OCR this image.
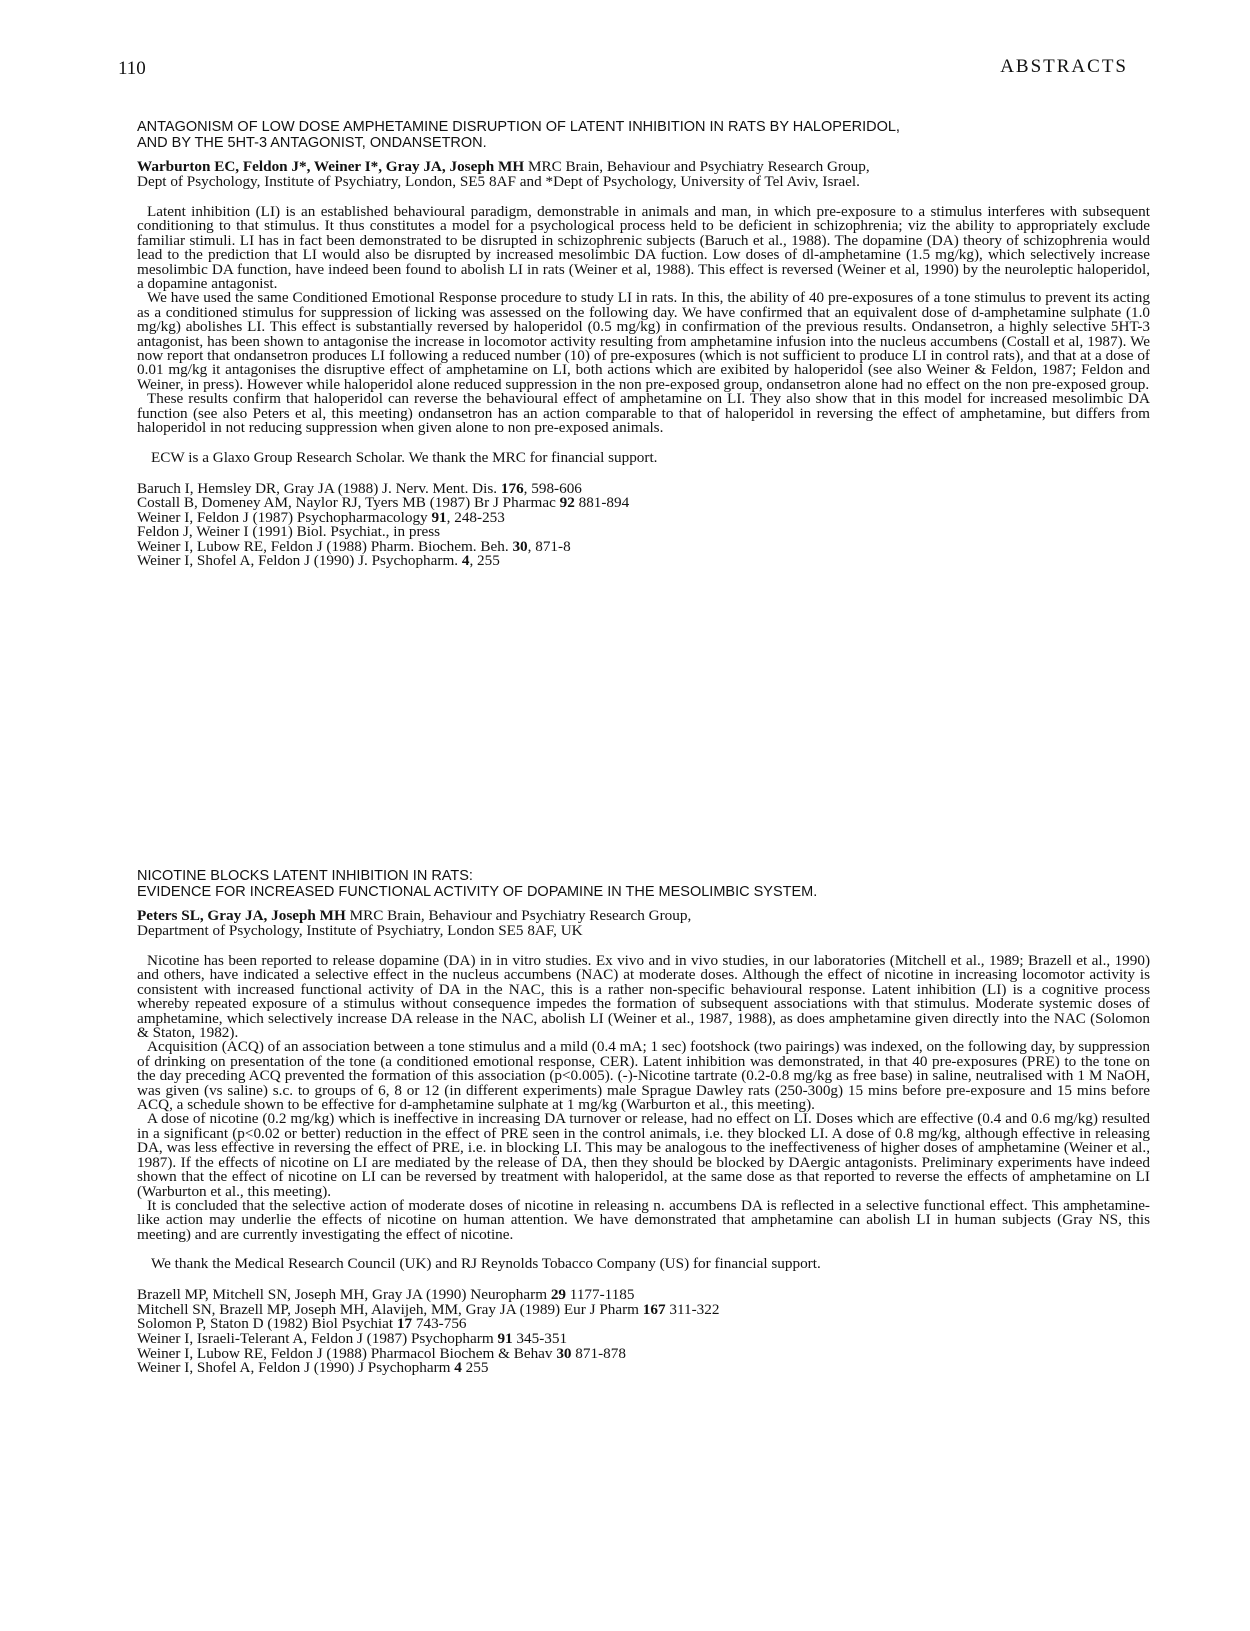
110	ABSTRACTS
ANTAGONISM OF LOW DOSE AMPHETAMINE DISRUPTION OF LATENT INHIBITION IN RATS BY HALOPERIDOL,
AND BY THE 5HT-3 ANTAGONIST, ONDANSETRON.
Warburton EC, Feldon J*, Weiner I*, Gray JA, Joseph MH MRC Brain, Behaviour and Psychiatry Research Group,
Dept of Psychology, Institute of Psychiatry, London, SE5 8AF and *Dept of Psychology, University of Tel Aviv, Israel.

Latent inhibition (LI) is an established behavioural paradigm, demonstrable in animals and man, in which pre-exposure to a stimulus interferes with subsequent conditioning to that stimulus. It thus constitutes a model for a psychological process held to be deficient in schizophrenia; viz the ability to appropriately exclude familiar stimuli. LI has in fact been demonstrated to be disrupted in schizophrenic subjects (Baruch et al., 1988). The dopamine (DA) theory of schizophrenia would lead to the prediction that LI would also be disrupted by increased mesolimbic DA fuction. Low doses of dl-amphetamine (1.5 mg/kg), which selectively increase mesolimbic DA function, have indeed been found to abolish LI in rats (Weiner et al, 1988). This effect is reversed (Weiner et al, 1990) by the neuroleptic haloperidol, a dopamine antagonist.

We have used the same Conditioned Emotional Response procedure to study LI in rats. In this, the ability of 40 pre-exposures of a tone stimulus to prevent its acting as a conditioned stimulus for suppression of licking was assessed on the following day. We have confirmed that an equivalent dose of d-amphetamine sulphate (1.0 mg/kg) abolishes LI. This effect is substantially reversed by haloperidol (0.5 mg/kg) in confirmation of the previous results. Ondansetron, a highly selective 5HT-3 antagonist, has been shown to antagonise the increase in locomotor activity resulting from amphetamine infusion into the nucleus accumbens (Costall et al, 1987). We now report that ondansetron produces LI following a reduced number (10) of pre-exposures (which is not sufficient to produce LI in control rats), and that at a dose of 0.01 mg/kg it antagonises the disruptive effect of amphetamine on LI, both actions which are exibited by haloperidol (see also Weiner & Feldon, 1987; Feldon and Weiner, in press). However while haloperidol alone reduced suppression in the non pre-exposed group, ondansetron alone had no effect on the non pre-exposed group.

These results confirm that haloperidol can reverse the behavioural effect of amphetamine on LI. They also show that in this model for increased mesolimbic DA function (see also Peters et al, this meeting) ondansetron has an action comparable to that of haloperidol in reversing the effect of amphetamine, but differs from haloperidol in not reducing suppression when given alone to non pre-exposed animals.

ECW is a Glaxo Group Research Scholar. We thank the MRC for financial support.
Baruch I, Hemsley DR, Gray JA (1988) J. Nerv. Ment. Dis. 176, 598-606
Costall B, Domeney AM, Naylor RJ, Tyers MB (1987) Br J Pharmac 92 881-894
Weiner I, Feldon J (1987) Psychopharmacology 91, 248-253
Feldon J, Weiner I (1991) Biol. Psychiat., in press
Weiner I, Lubow RE, Feldon J (1988) Pharm. Biochem. Beh. 30, 871-8
Weiner I, Shofel A, Feldon J (1990) J. Psychopharm. 4, 255
NICOTINE BLOCKS LATENT INHIBITION IN RATS:
EVIDENCE FOR INCREASED FUNCTIONAL ACTIVITY OF DOPAMINE IN THE MESOLIMBIC SYSTEM.
Peters SL, Gray JA, Joseph MH MRC Brain, Behaviour and Psychiatry Research Group,
Department of Psychology, Institute of Psychiatry, London SE5 8AF, UK

Nicotine has been reported to release dopamine (DA) in in vitro studies. Ex vivo and in vivo studies, in our laboratories (Mitchell et al., 1989; Brazell et al., 1990) and others, have indicated a selective effect in the nucleus accumbens (NAC) at moderate doses. Although the effect of nicotine in increasing locomotor activity is consistent with increased functional activity of DA in the NAC, this is a rather non-specific behavioural response. Latent inhibition (LI) is a cognitive process whereby repeated exposure of a stimulus without consequence impedes the formation of subsequent associations with that stimulus. Moderate systemic doses of amphetamine, which selectively increase DA release in the NAC, abolish LI (Weiner et al., 1987, 1988), as does amphetamine given directly into the NAC (Solomon & Staton, 1982).

Acquisition (ACQ) of an association between a tone stimulus and a mild (0.4 mA; 1 sec) footshock (two pairings) was indexed, on the following day, by suppression of drinking on presentation of the tone (a conditioned emotional response, CER). Latent inhibition was demonstrated, in that 40 pre-exposures (PRE) to the tone on the day preceding ACQ prevented the formation of this association (p<0.005). (-)-Nicotine tartrate (0.2-0.8 mg/kg as free base) in saline, neutralised with 1 M NaOH, was given (vs saline) s.c. to groups of 6, 8 or 12 (in different experiments) male Sprague Dawley rats (250-300g) 15 mins before pre-exposure and 15 mins before ACQ, a schedule shown to be effective for d-amphetamine sulphate at 1 mg/kg (Warburton et al., this meeting).

A dose of nicotine (0.2 mg/kg) which is ineffective in increasing DA turnover or release, had no effect on LI. Doses which are effective (0.4 and 0.6 mg/kg) resulted in a significant (p<0.02 or better) reduction in the effect of PRE seen in the control animals, i.e. they blocked LI. A dose of 0.8 mg/kg, although effective in releasing DA, was less effective in reversing the effect of PRE, i.e. in blocking LI. This may be analogous to the ineffectiveness of higher doses of amphetamine (Weiner et al., 1987). If the effects of nicotine on LI are mediated by the release of DA, then they should be blocked by DAergic antagonists. Preliminary experiments have indeed shown that the effect of nicotine on LI can be reversed by treatment with haloperidol, at the same dose as that reported to reverse the effects of amphetamine on LI (Warburton et al., this meeting).

It is concluded that the selective action of moderate doses of nicotine in releasing n. accumbens DA is reflected in a selective functional effect. This amphetamine-like action may underlie the effects of nicotine on human attention. We have demonstrated that amphetamine can abolish LI in human subjects (Gray NS, this meeting) and are currently investigating the effect of nicotine.

We thank the Medical Research Council (UK) and RJ Reynolds Tobacco Company (US) for financial support.
Brazell MP, Mitchell SN, Joseph MH, Gray JA (1990) Neuropharm 29 1177-1185
Mitchell SN, Brazell MP, Joseph MH, Alavijeh, MM, Gray JA (1989) Eur J Pharm 167 311-322
Solomon P, Staton D (1982) Biol Psychiat 17 743-756
Weiner I, Israeli-Telerant A, Feldon J (1987) Psychopharm 91 345-351
Weiner I, Lubow RE, Feldon J (1988) Pharmacol Biochem & Behav 30 871-878
Weiner I, Shofel A, Feldon J (1990) J Psychopharm 4 255
